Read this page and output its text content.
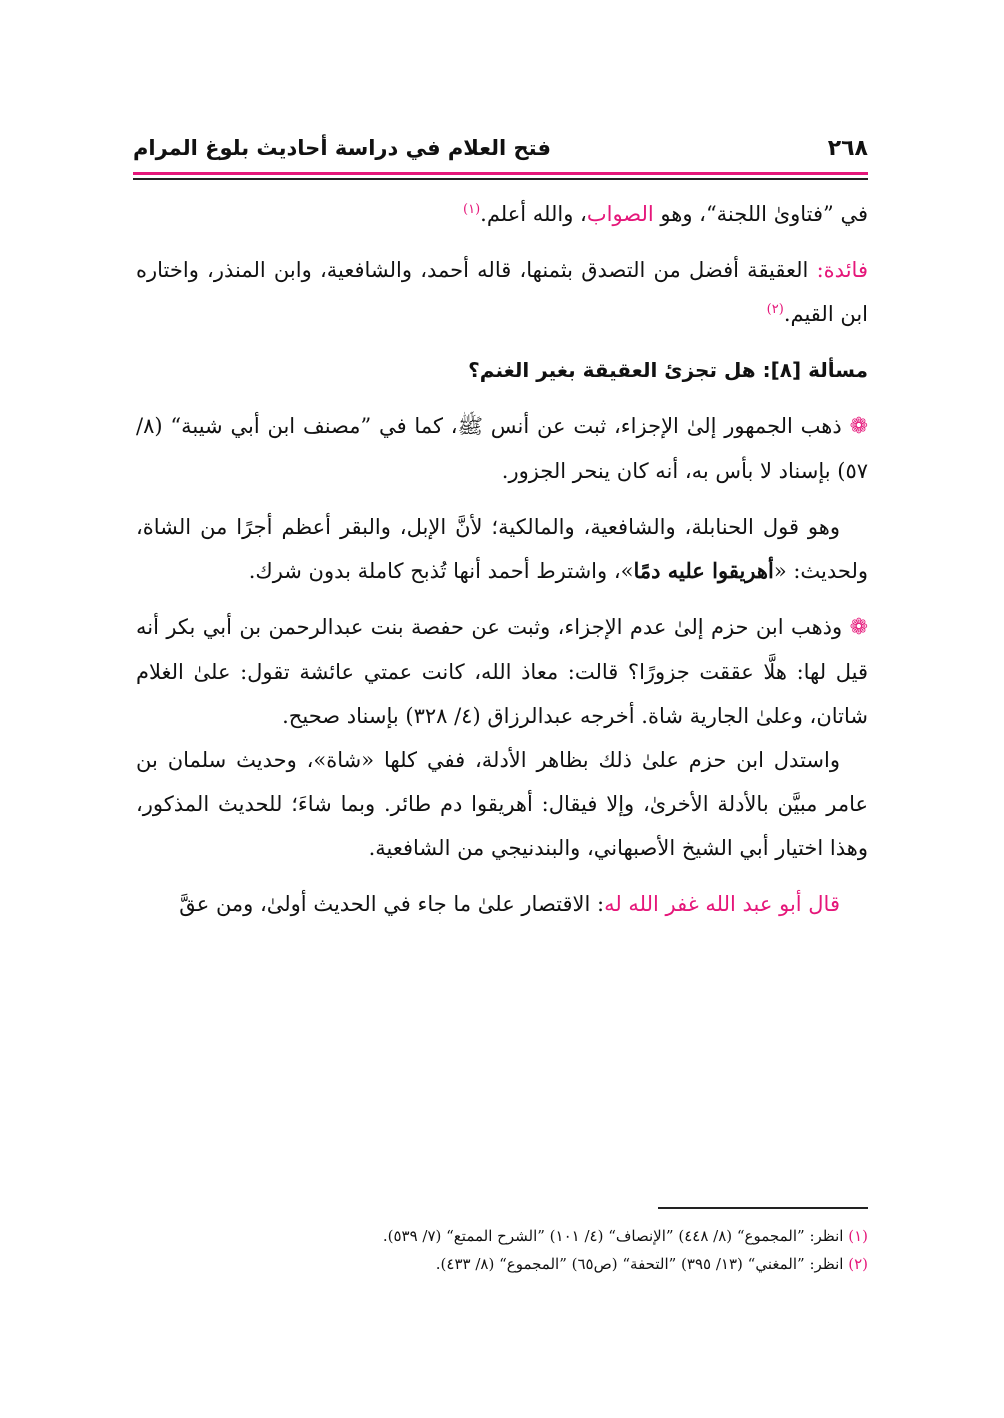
٢٦٨
فتح العلام في دراسة أحاديث بلوغ المرام

في ”فتاوىٰ اللجنة“، وهو الصواب، والله أعلم.$^{(١)}$

فائدة: العقيقة أفضل من التصدق بثمنها، قاله أحمد، والشافعية، وابن المنذر، واختاره ابن القيم.$^{(٢)}$

مسألة [٨]: هل تجزئ العقيقة بغير الغنم؟

❁ ذهب الجمهور إلىٰ الإجزاء، ثبت عن أنس ﷺ، كما في ”مصنف ابن أبي شيبة“ (٨/ ٥٧) بإسناد لا بأس به، أنه كان ينحر الجزور.

وهو قول الحنابلة، والشافعية، والمالكية؛ لأنَّ الإبل، والبقر أعظم أجرًا من الشاة، ولحديث: «أهريقوا عليه دمًا»، واشترط أحمد أنها تُذبح كاملة بدون شرك.

❁ وذهب ابن حزم إلىٰ عدم الإجزاء، وثبت عن حفصة بنت عبدالرحمن بن أبي بكر أنه قيل لها: هلَّا عققت جزورًا؟ قالت: معاذ الله، كانت عمتي عائشة تقول: علىٰ الغلام شاتان، وعلىٰ الجارية شاة. أخرجه عبدالرزاق (٤/ ٣٢٨) بإسناد صحيح.

واستدل ابن حزم علىٰ ذلك بظاهر الأدلة، ففي كلها «شاة»، وحديث سلمان بن عامر مبيَّن بالأدلة الأخرىٰ، وإلا فيقال: أهريقوا دم طائر. وبما شاءَ؛ للحديث المذكور، وهذا اختيار أبي الشيخ الأصبهاني، والبندنيجي من الشافعية.

قال أبو عبد الله غفر الله له: الاقتصار علىٰ ما جاء في الحديث أولىٰ، ومن عقَّ

(١) انظر: ”المجموع“ (٨/ ٤٤٨) ”الإنصاف“ (٤/ ١٠١) ”الشرح الممتع“ (٧/ ٥٣٩).

(٢) انظر: ”المغني“ (١٣/ ٣٩٥) ”التحفة“ (ص٦٥) ”المجموع“ (٨/ ٤٣٣).
